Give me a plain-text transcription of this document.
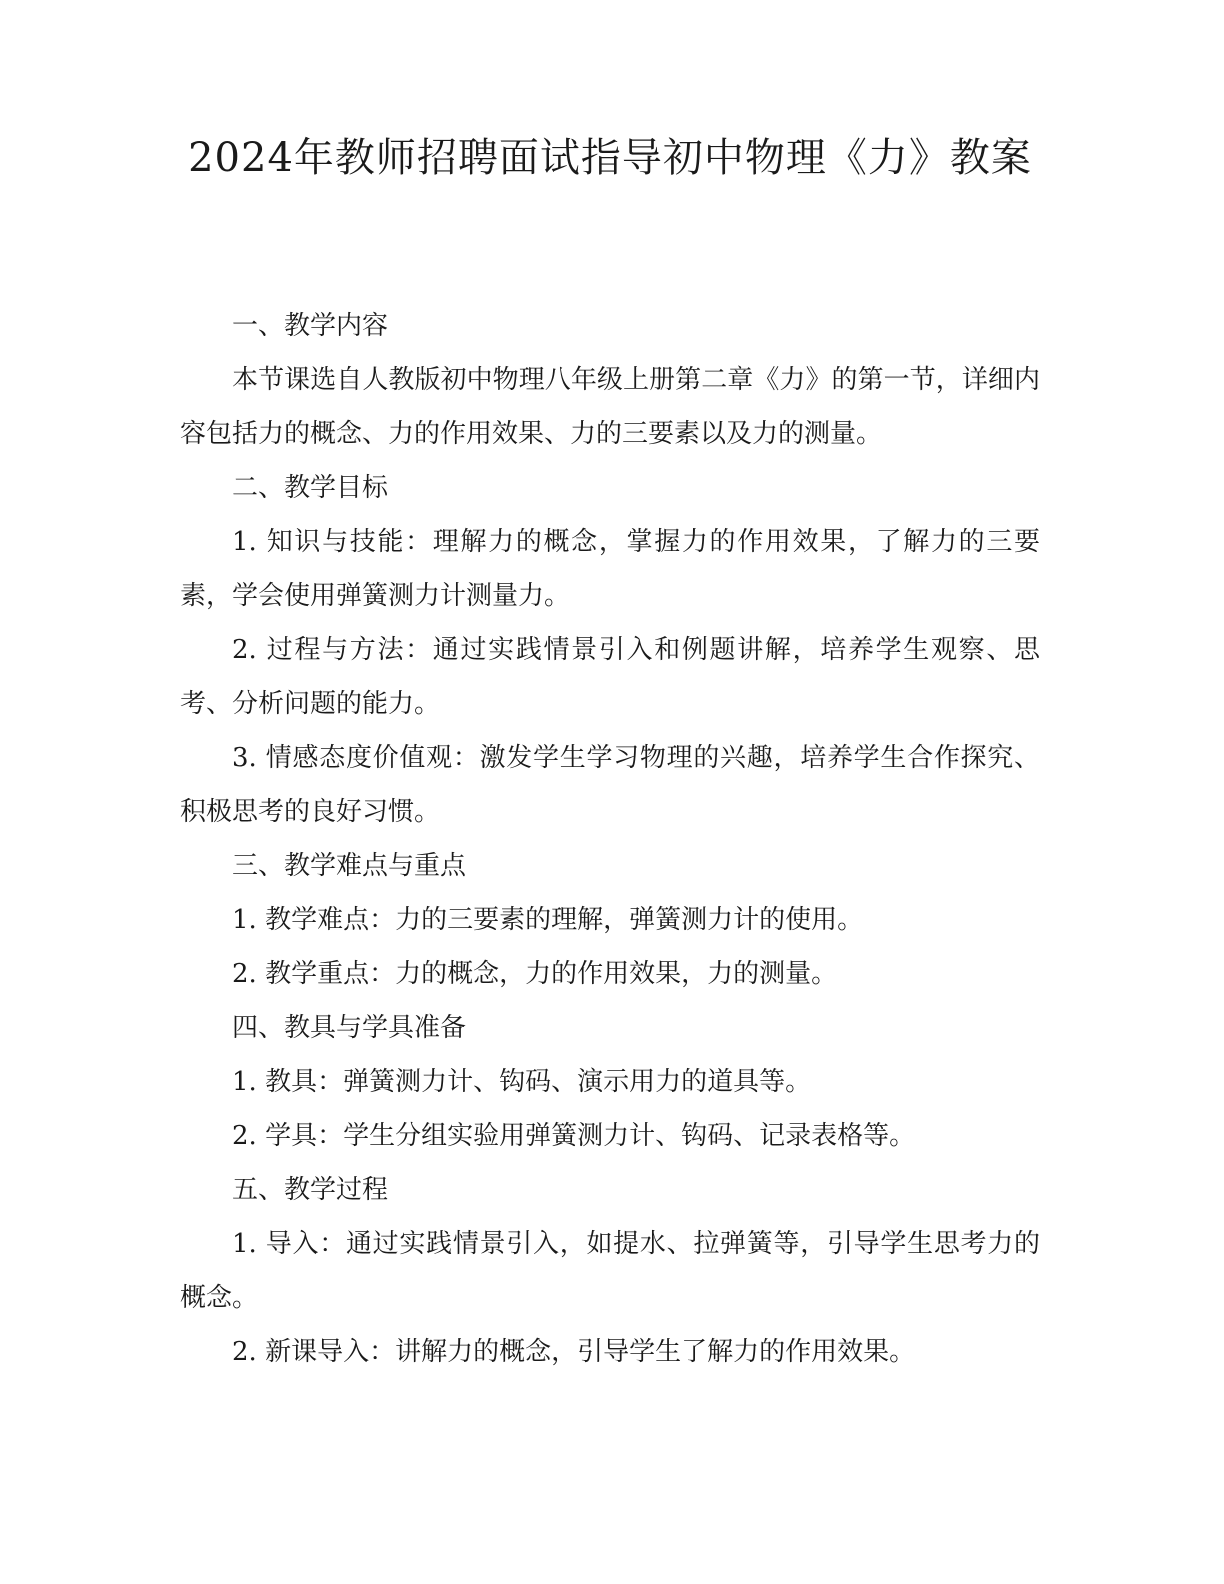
2024年教师招聘面试指导初中物理《力》教案

一、教学内容

本节课选自人教版初中物理八年级上册第二章《力》的第一节，详细内容包括力的概念、力的作用效果、力的三要素以及力的测量。

二、教学目标

1. 知识与技能：理解力的概念，掌握力的作用效果，了解力的三要素，学会使用弹簧测力计测量力。

2. 过程与方法：通过实践情景引入和例题讲解，培养学生观察、思考、分析问题的能力。

3. 情感态度价值观：激发学生学习物理的兴趣，培养学生合作探究、积极思考的良好习惯。

三、教学难点与重点

1. 教学难点：力的三要素的理解，弹簧测力计的使用。

2. 教学重点：力的概念，力的作用效果，力的测量。

四、教具与学具准备

1. 教具：弹簧测力计、钩码、演示用力的道具等。

2. 学具：学生分组实验用弹簧测力计、钩码、记录表格等。

五、教学过程

1. 导入：通过实践情景引入，如提水、拉弹簧等，引导学生思考力的概念。

2. 新课导入：讲解力的概念，引导学生了解力的作用效果。
